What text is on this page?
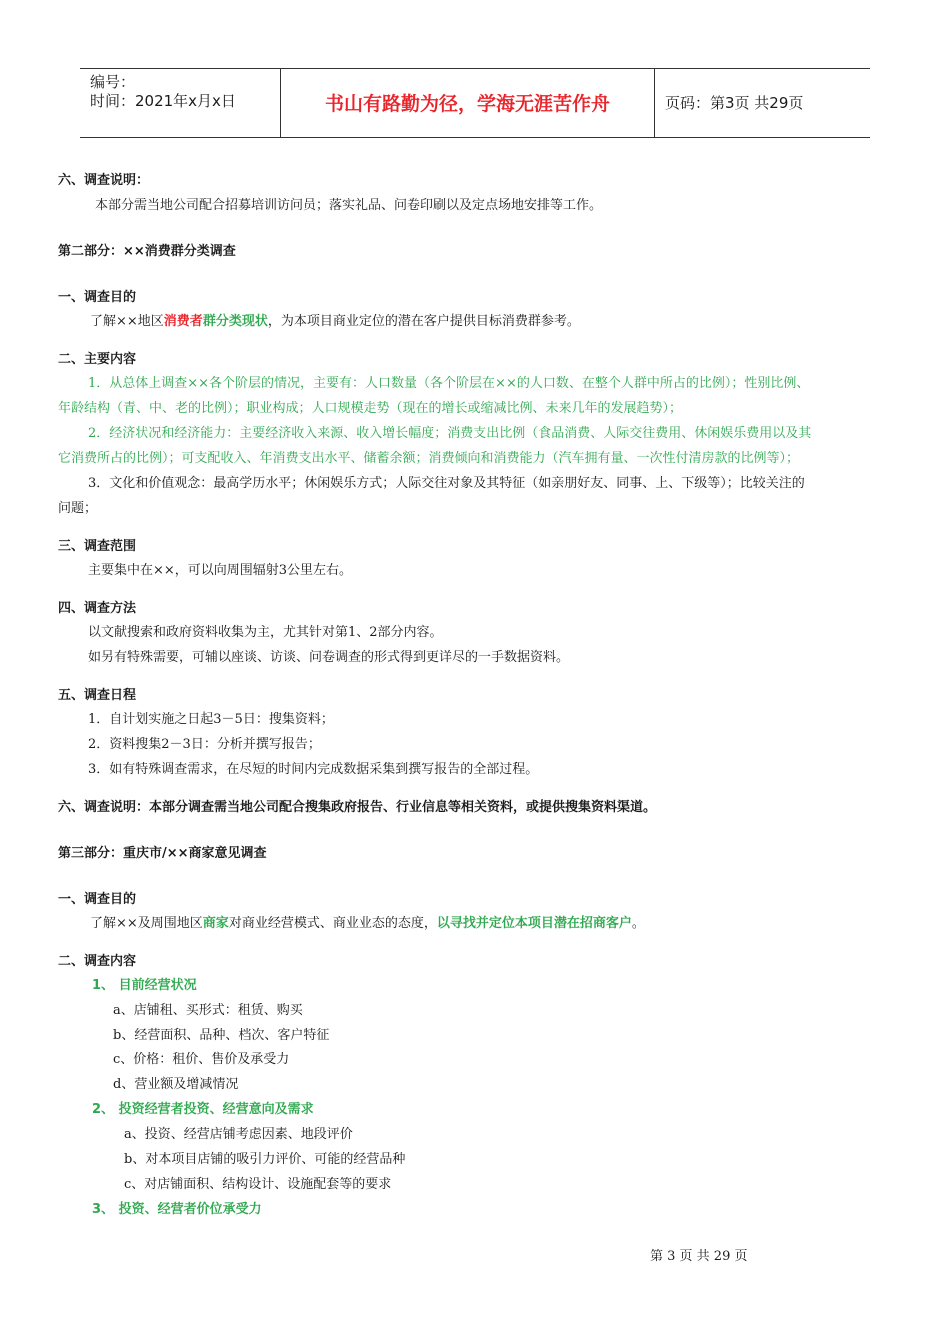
编号：
时间：2021年x月x日	书山有路勤为径，学海无涯苦作舟	页码：第3页 共29页
六、调查说明：
本部分需当地公司配合招募培训访问员；落实礼品、问卷印刷以及定点场地安排等工作。
第二部分：××消费群分类调查
一、调查目的
了解××地区消费者群分类现状，为本项目商业定位的潜在客户提供目标消费群参考。
二、主要内容
1．从总体上调查××各个阶层的情况，主要有：人口数量（各个阶层在××的人口数、在整个人群中所占的比例）；性别比例、
年龄结构（青、中、老的比例）；职业构成；人口规模走势（现在的增长或缩减比例、未来几年的发展趋势）；
2．经济状况和经济能力：主要经济收入来源、收入增长幅度；消费支出比例（食品消费、人际交往费用、休闲娱乐费用以及其
它消费所占的比例）；可支配收入、年消费支出水平、储蓄余额；消费倾向和消费能力（汽车拥有量、一次性付清房款的比例等）；
3．文化和价值观念：最高学历水平；休闲娱乐方式；人际交往对象及其特征（如亲朋好友、同事、上、下级等）；比较关注的
问题；
三、调查范围
主要集中在××，可以向周围辐射3公里左右。
四、调查方法
以文献搜索和政府资料收集为主，尤其针对第1、2部分内容。
如另有特殊需要，可辅以座谈、访谈、问卷调查的形式得到更详尽的一手数据资料。
五、调查日程
1．自计划实施之日起3－5日：搜集资料；
2．资料搜集2－3日：分析并撰写报告；
3．如有特殊调查需求，在尽短的时间内完成数据采集到撰写报告的全部过程。
六、调查说明：本部分调查需当地公司配合搜集政府报告、行业信息等相关资料，或提供搜集资料渠道。
第三部分：重庆市/××商家意见调查
一、调查目的
了解××及周围地区商家对商业经营模式、商业业态的态度，以寻找并定位本项目潜在招商客户。
二、调查内容
1、 目前经营状况
a、店铺租、买形式：租赁、购买
b、经营面积、品种、档次、客户特征
c、价格：租价、售价及承受力
d、营业额及增减情况
2、 投资经营者投资、经营意向及需求
a、投资、经营店铺考虑因素、地段评价
b、对本项目店铺的吸引力评价、可能的经营品种
c、对店铺面积、结构设计、设施配套等的要求
3、 投资、经营者价位承受力
第 3 页 共 29 页
